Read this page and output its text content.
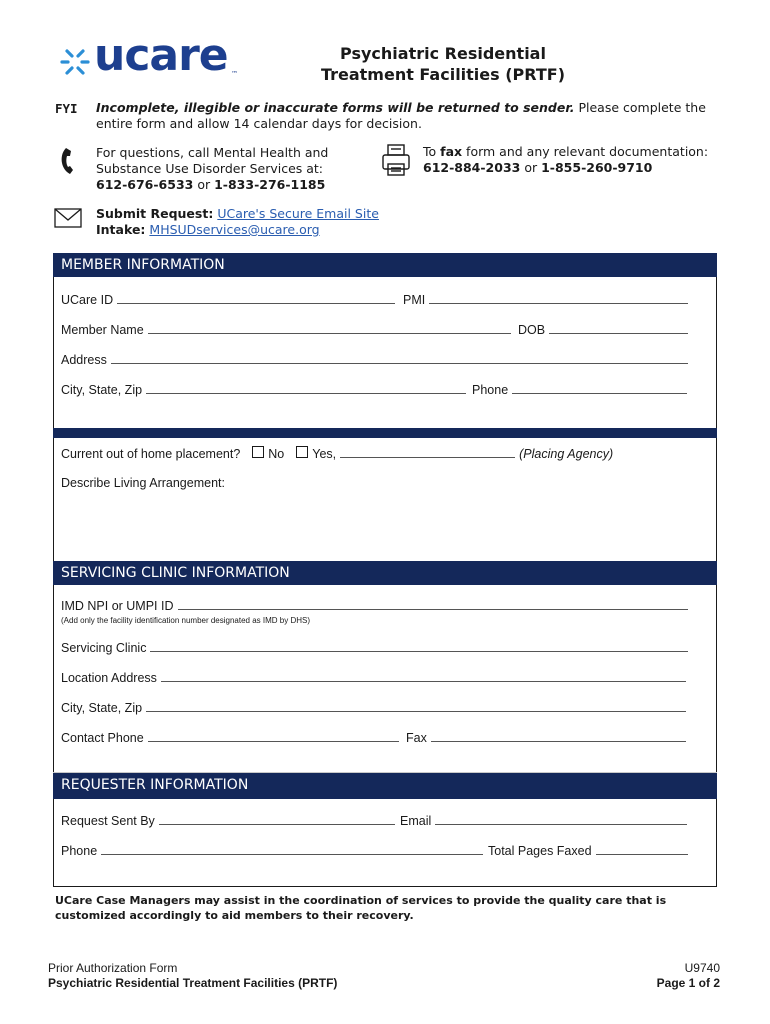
ucare ™
Psychiatric Residential
Treatment Facilities (PRTF)
FYI Incomplete, illegible or inaccurate forms will be returned to sender. Please complete the entire form and allow 14 calendar days for decision.
For questions, call Mental Health and
Substance Use Disorder Services at:
612-676-6533 or 1-833-276-1185
To fax form and any relevant documentation:
612-884-2033 or 1-855-260-9710
Submit Request: UCare's Secure Email Site
Intake: MHSUDservices@ucare.org
MEMBER INFORMATION
UCare ID	PMI
Member Name	DOB
Address
City, State, Zip	Phone
Current out of home placement? No Yes,	(Placing Agency)
Describe Living Arrangement:
SERVICING CLINIC INFORMATION
IMD NPI or UMPI ID
(Add only the facility identification number designated as IMD by DHS)
Servicing Clinic
Location Address
City, State, Zip
Contact Phone	Fax
REQUESTER INFORMATION
Request Sent By	Email
Phone	Total Pages Faxed
UCare Case Managers may assist in the coordination of services to provide the quality care that is customized accordingly to aid members to their recovery.
Prior Authorization Form
Psychiatric Residential Treatment Facilities (PRTF)
U9740
Page 1 of 2
